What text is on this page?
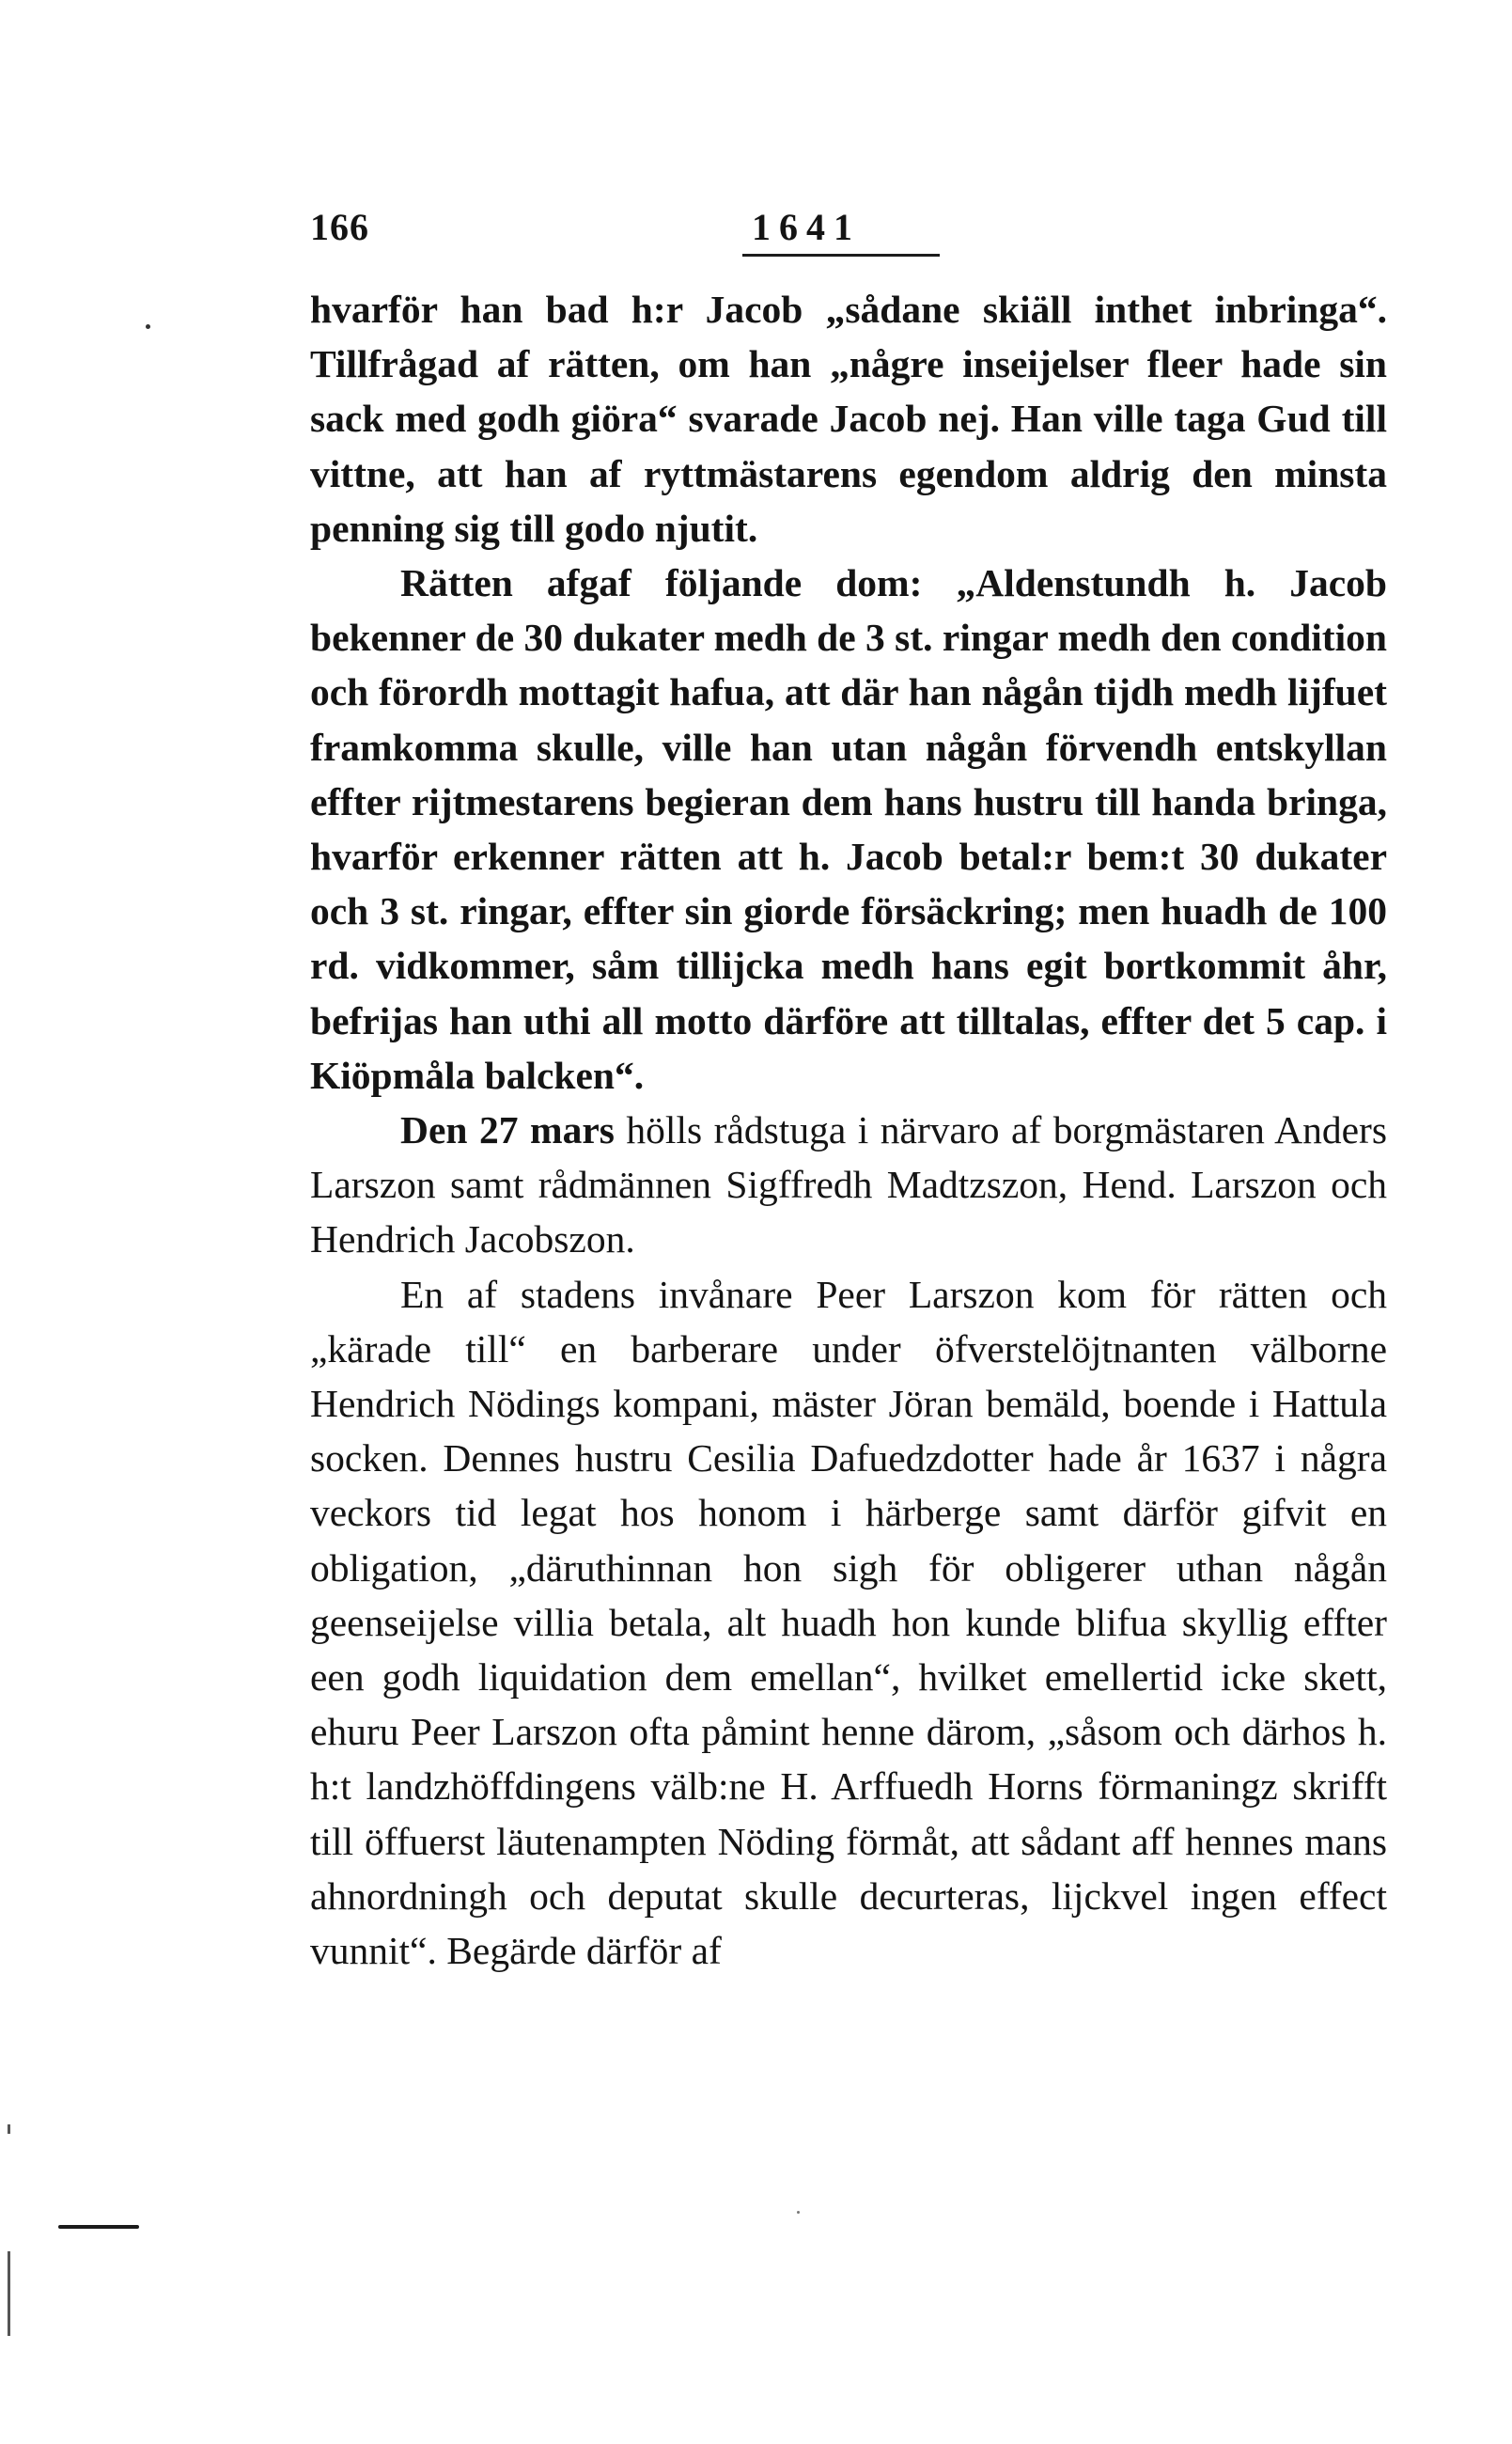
166	1641

hvarför han bad h:r Jacob „sådane skiäll inthet inbringa“. Tillfrågad af rätten, om han „någre inseijelser fleer hade sin sack med godh giöra“ svarade Jacob nej. Han ville taga Gud till vittne, att han af ryttmästarens egendom aldrig den minsta penning sig till godo njutit.

Rätten afgaf följande dom: „Aldenstundh h. Jacob bekenner de 30 dukater medh de 3 st. ringar medh den condition och förordh mottagit hafua, att där han någån tijdh medh lijfuet framkomma skulle, ville han utan någån förvendh entskyllan effter rijtmestarens begieran dem hans hustru till handa bringa, hvarför erkenner rätten att h. Jacob betal:r bem:t 30 dukater och 3 st. ringar, effter sin giorde försäckring; men huadh de 100 rd. vidkommer, såm tillijcka medh hans egit bortkommit åhr, befrijas han uthi all motto därföre att tilltalas, effter det 5 cap. i Kiöpmåla balcken“.

Den 27 mars hölls rådstuga i närvaro af borgmästaren Anders Larszon samt rådmännen Sigffredh Madtzszon, Hend. Larszon och Hendrich Jacobszon.

En af stadens invånare Peer Larszon kom för rätten och „kärade till“ en barberare under öfverstelöjtnanten välborne Hendrich Nödings kompani, mäster Jöran bemäld, boende i Hattula socken. Dennes hustru Cesilia Dafuedzdotter hade år 1637 i några veckors tid legat hos honom i härberge samt därför gifvit en obligation, „däruthinnan hon sigh för obligerer uthan någån geenseijelse villia betala, alt huadh hon kunde blifua skyllig effter een godh liquidation dem emellan“, hvilket emellertid icke skett, ehuru Peer Larszon ofta påmint henne därom, „såsom och därhos h. h:t landzhöffdingens välb:ne H. Arffuedh Horns förmaningz skrifft till öffuerst läutenampten Nöding förmåt, att sådant aff hennes mans ahnordningh och deputat skulle decurteras, lijckvel ingen effect vunnit“. Begärde därför af
